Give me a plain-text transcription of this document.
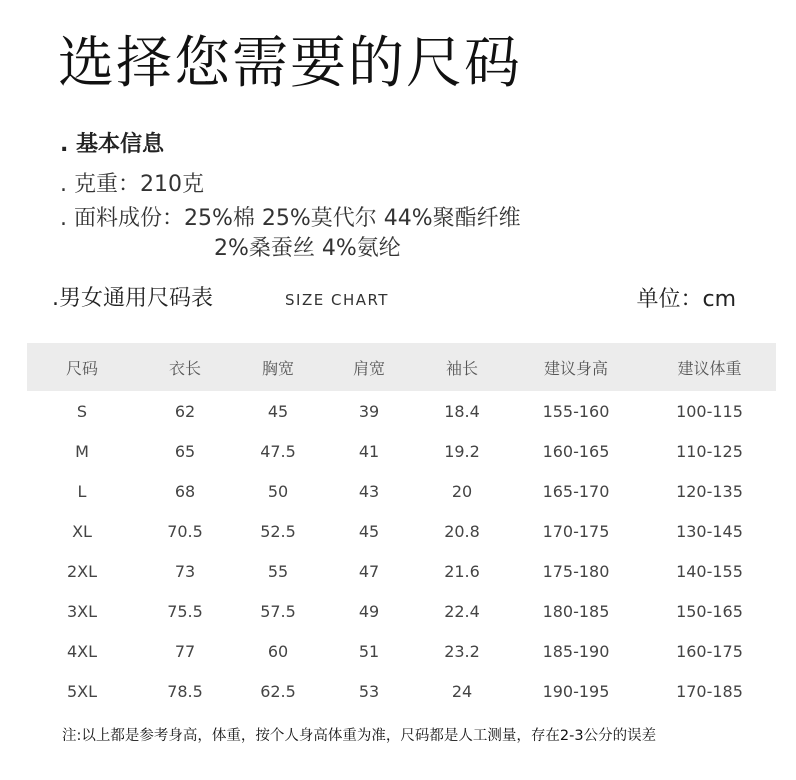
选择您需要的尺码
. 基本信息
. 克重：210克
. 面料成份：25%棉 25%莫代尔 44%聚酯纤维
2%桑蚕丝 4%氨纶
.男女通用尺码表	SIZE CHART	单位：cm
尺码	衣长	胸宽	肩宽	袖长	建议身高	建议体重
S	62	45	39	18.4	155-160	100-115
M	65	47.5	41	19.2	160-165	110-125
L	68	50	43	20	165-170	120-135
XL	70.5	52.5	45	20.8	170-175	130-145
2XL	73	55	47	21.6	175-180	140-155
3XL	75.5	57.5	49	22.4	180-185	150-165
4XL	77	60	51	23.2	185-190	160-175
5XL	78.5	62.5	53	24	190-195	170-185
注:以上都是参考身高，体重，按个人身高体重为准，尺码都是人工测量，存在2-3公分的误差
